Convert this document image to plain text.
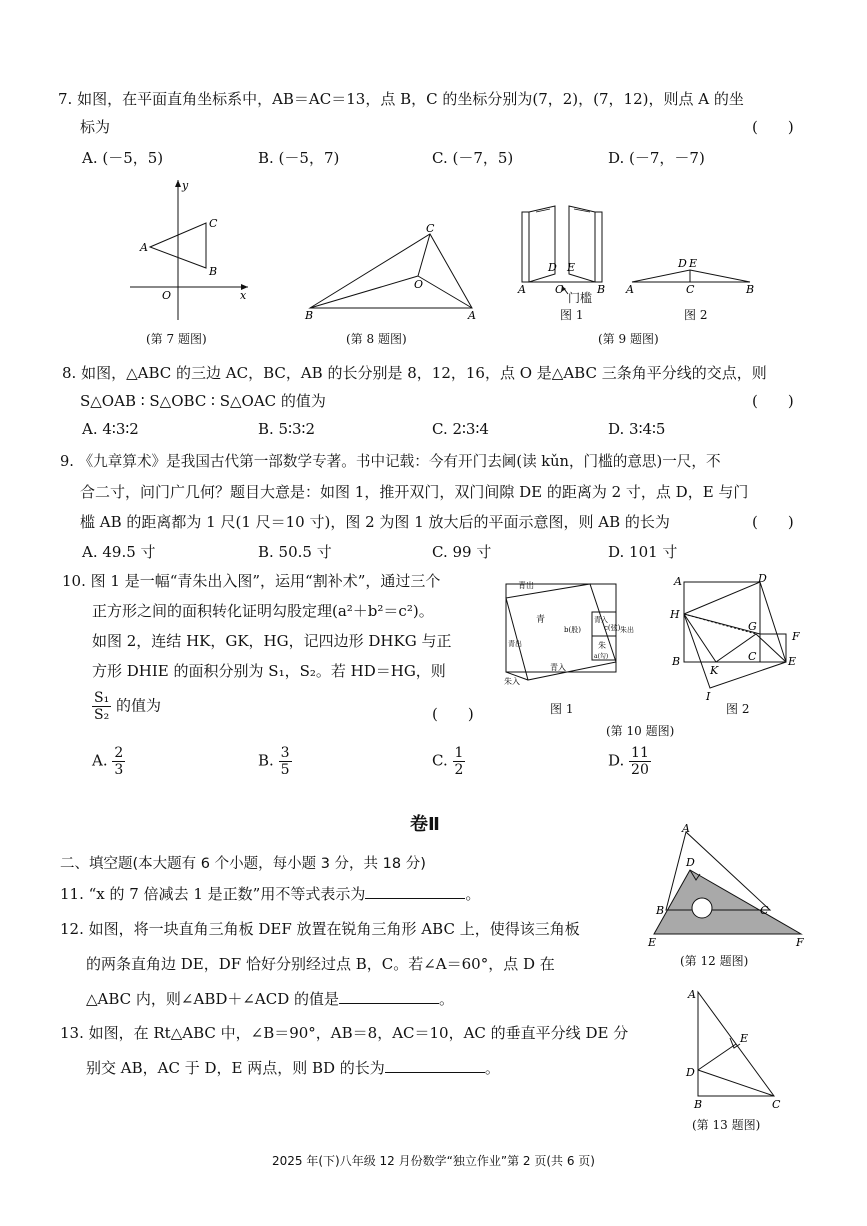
7. 如图，在平面直角坐标系中，AB＝AC＝13，点 B，C 的坐标分别为(7，2)，(7，12)，则点 A 的坐
标为	(　　)
A. (－5，5)	B. (－5，7)	C. (－7，5)	D. (－7，－7)
y
x
O
A
C
B
(第 7 题图)
C
O
B	A
(第 8 题图)
D E
A	C	B
门槛
图 1
D E
A	C	B
图 2
(第 9 题图)
8. 如图，△ABC 的三边 AC，BC，AB 的长分别是 8，12，16，点 O 是△ABC 三条角平分线的交点，则
S△OAB ∶ S△OBC ∶ S△OAC 的值为	(　　)
A. 4∶3∶2	B. 5∶3∶2	C. 2∶3∶4	D. 3∶4∶5
9. 《九章算术》是我国古代第一部数学专著。书中记载：今有开门去阃(读 kǔn，门槛的意思)一尺，不
合二寸，问门广几何？题目大意是：如图 1，推开双门，双门间隙 DE 的距离为 2 寸，点 D，E 与门
槛 AB 的距离都为 1 尺(1 尺＝10 寸)，图 2 为图 1 放大后的平面示意图，则 AB 的长为	(　　)
A. 49.5 寸	B. 50.5 寸	C. 99 寸	D. 101 寸
10. 图 1 是一幅“青朱出入图”，运用“割补术”，通过三个
正方形之间的面积转化证明勾股定理(a²＋b²＝c²)。
如图 2，连结 HK，GK，HG，记四边形 DHKG 与正
方形 DHIE 的面积分别为 S₁，S₂。若 HD＝HG，则
$\frac{\text{S₁}}{\text{S₂}}$ 的值为	(　　)
A. $\frac{2}{3}$	B. $\frac{3}{5}$	C. $\frac{1}{2}$	D. $\frac{11}{20}$
青出
青
b(股)	c(弦)
青入
朱出
青出	朱
a(勾)
青入
朱入
图 1
A	D
H
G
F
B	C	E
K
I
图 2
(第 10 题图)
卷Ⅱ
二、填空题(本大题有 6 个小题，每小题 3 分，共 18 分)
11. “x 的 7 倍减去 1 是正数”用不等式表示为	。
12. 如图，将一块直角三角板 DEF 放置在锐角三角形 ABC 上，使得该三角板
的两条直角边 DE，DF 恰好分别经过点 B，C。若∠A＝60°，点 D 在
△ABC 内，则∠ABD＋∠ACD 的值是	。
A
D
B	C
E	F
(第 12 题图)
13. 如图，在 Rt△ABC 中，∠B＝90°，AB＝8，AC＝10，AC 的垂直平分线 DE 分
别交 AB，AC 于 D，E 两点，则 BD 的长为	。
A
E
D
B	C
(第 13 题图)
2025 年(下)八年级 12 月份数学“独立作业”第 2 页(共 6 页)
